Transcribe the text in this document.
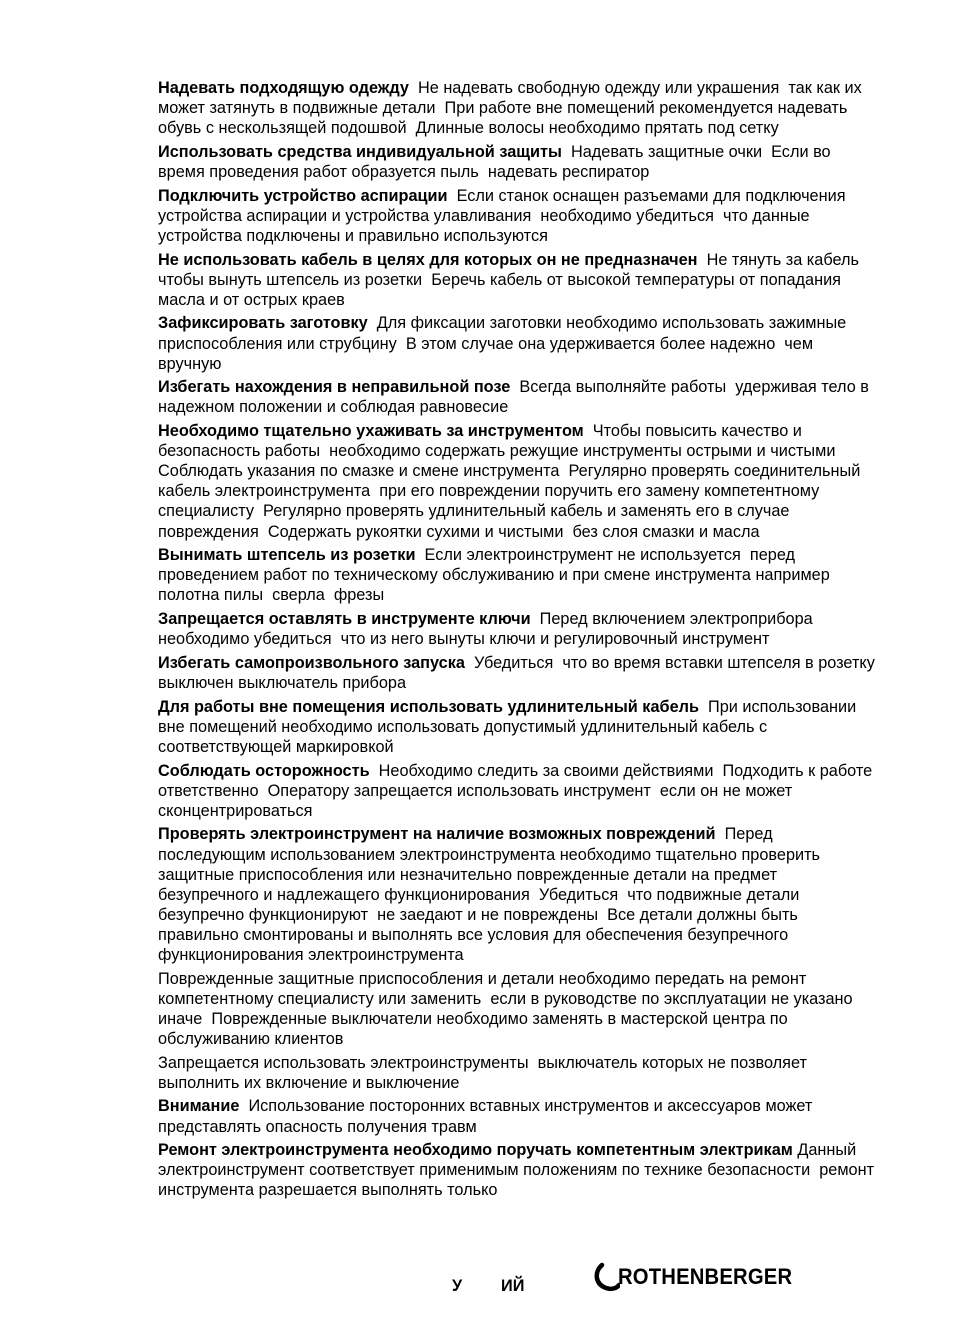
Надевать подходящую одежду  Не надевать свободную одежду или украшения  так как их может затянуть в подвижные детали  При работе вне помещений рекомендуется надевать обувь с нескользящей подошвой  Длинные волосы необходимо прятать под сетку

Использовать средства индивидуальной защиты  Надевать защитные очки  Если во время проведения работ образуется пыль  надевать респиратор

Подключить устройство аспирации  Если станок оснащен разъемами для подключения устройства аспирации и устройства улавливания  необходимо убедиться  что данные устройства подключены и правильно используются

Не использовать кабель в целях для которых он не предназначен  Не тянуть за кабель  чтобы вынуть штепсель из розетки  Беречь кабель от высокой температуры от попадания масла и от острых краев

Зафиксировать заготовку  Для фиксации заготовки необходимо использовать зажимные приспособления или струбцину  В этом случае она удерживается более надежно  чем вручную

Избегать нахождения в неправильной позе  Всегда выполняйте работы  удерживая тело в надежном положении и соблюдая равновесие

Необходимо тщательно ухаживать за инструментом  Чтобы повысить качество и безопасность работы  необходимо содержать режущие инструменты острыми и чистыми  Соблюдать указания по смазке и смене инструмента  Регулярно проверять соединительный кабель электроинструмента  при его повреждении поручить его замену компетентному специалисту  Регулярно проверять удлинительный кабель и заменять его в случае повреждения  Содержать рукоятки сухими и чистыми  без слоя смазки и масла

Вынимать штепсель из розетки  Если электроинструмент не используется  перед проведением работ по техническому обслуживанию и при смене инструмента например  полотна пилы  сверла  фрезы

Запрещается оставлять в инструменте ключи  Перед включением электроприбора необходимо убедиться  что из него вынуты ключи и регулировочный инструмент

Избегать самопроизвольного запуска  Убедиться  что во время вставки штепселя в розетку выключен выключатель прибора

Для работы вне помещения использовать удлинительный кабель  При использовании вне помещений необходимо использовать допустимый удлинительный кабель с соответствующей маркировкой

Соблюдать осторожность  Необходимо следить за своими действиями  Подходить к работе ответственно  Оператору запрещается использовать инструмент  если он не может сконцентрироваться

Проверять электроинструмент на наличие возможных повреждений  Перед последующим использованием электроинструмента необходимо тщательно проверить защитные приспособления или незначительно поврежденные детали на предмет безупречного и надлежащего функционирования  Убедиться  что подвижные детали безупречно функционируют  не заедают и не повреждены  Все детали должны быть правильно смонтированы и выполнять все условия для обеспечения безупречного функционирования электроинструмента

Поврежденные защитные приспособления и детали необходимо передать на ремонт компетентному специалисту или заменить  если в руководстве по эксплуатации не указано иначе  Поврежденные выключатели необходимо заменять в мастерской центра по обслуживанию клиентов

Запрещается использовать электроинструменты  выключатель которых не позволяет выполнить их включение и выключение

Внимание  Использование посторонних вставных инструментов и аксессуаров может представлять опасность получения травм

Ремонт электроинструмента необходимо поручать компетентным электрикам Данный электроинструмент соответствует применимым положениям по технике безопасности  ремонт инструмента разрешается выполнять только

У ИЙ	ROTHENBERGER
